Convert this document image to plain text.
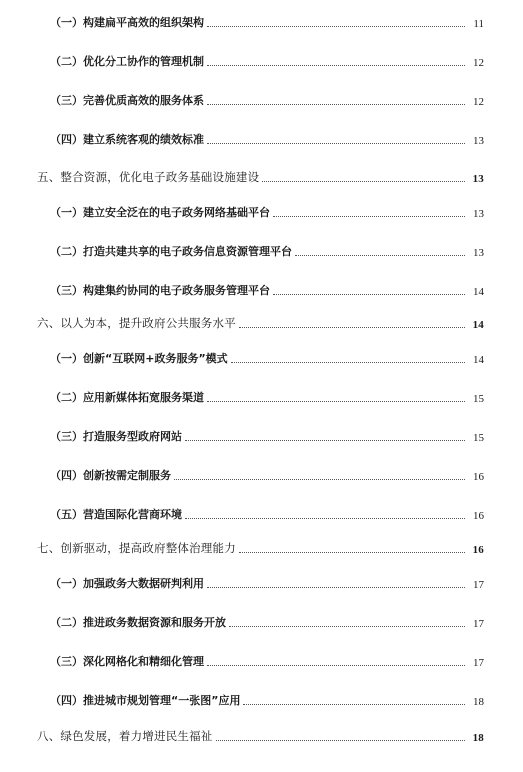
（一）构建扁平高效的组织架构	11
（二）优化分工协作的管理机制	12
（三）完善优质高效的服务体系	12
（四）建立系统客观的绩效标准	13
五、整合资源，优化电子政务基础设施建设	13
（一）建立安全泛在的电子政务网络基础平台	13
（二）打造共建共享的电子政务信息资源管理平台	13
（三）构建集约协同的电子政务服务管理平台	14
六、以人为本，提升政府公共服务水平	14
（一）创新“互联网+政务服务”模式	14
（二）应用新媒体拓宽服务渠道	15
（三）打造服务型政府网站	15
（四）创新按需定制服务	16
（五）营造国际化营商环境	16
七、创新驱动，提高政府整体治理能力	16
（一）加强政务大数据研判利用	17
（二）推进政务数据资源和服务开放	17
（三）深化网格化和精细化管理	17
（四）推进城市规划管理“一张图”应用	18
八、绿色发展，着力增进民生福祉	18
